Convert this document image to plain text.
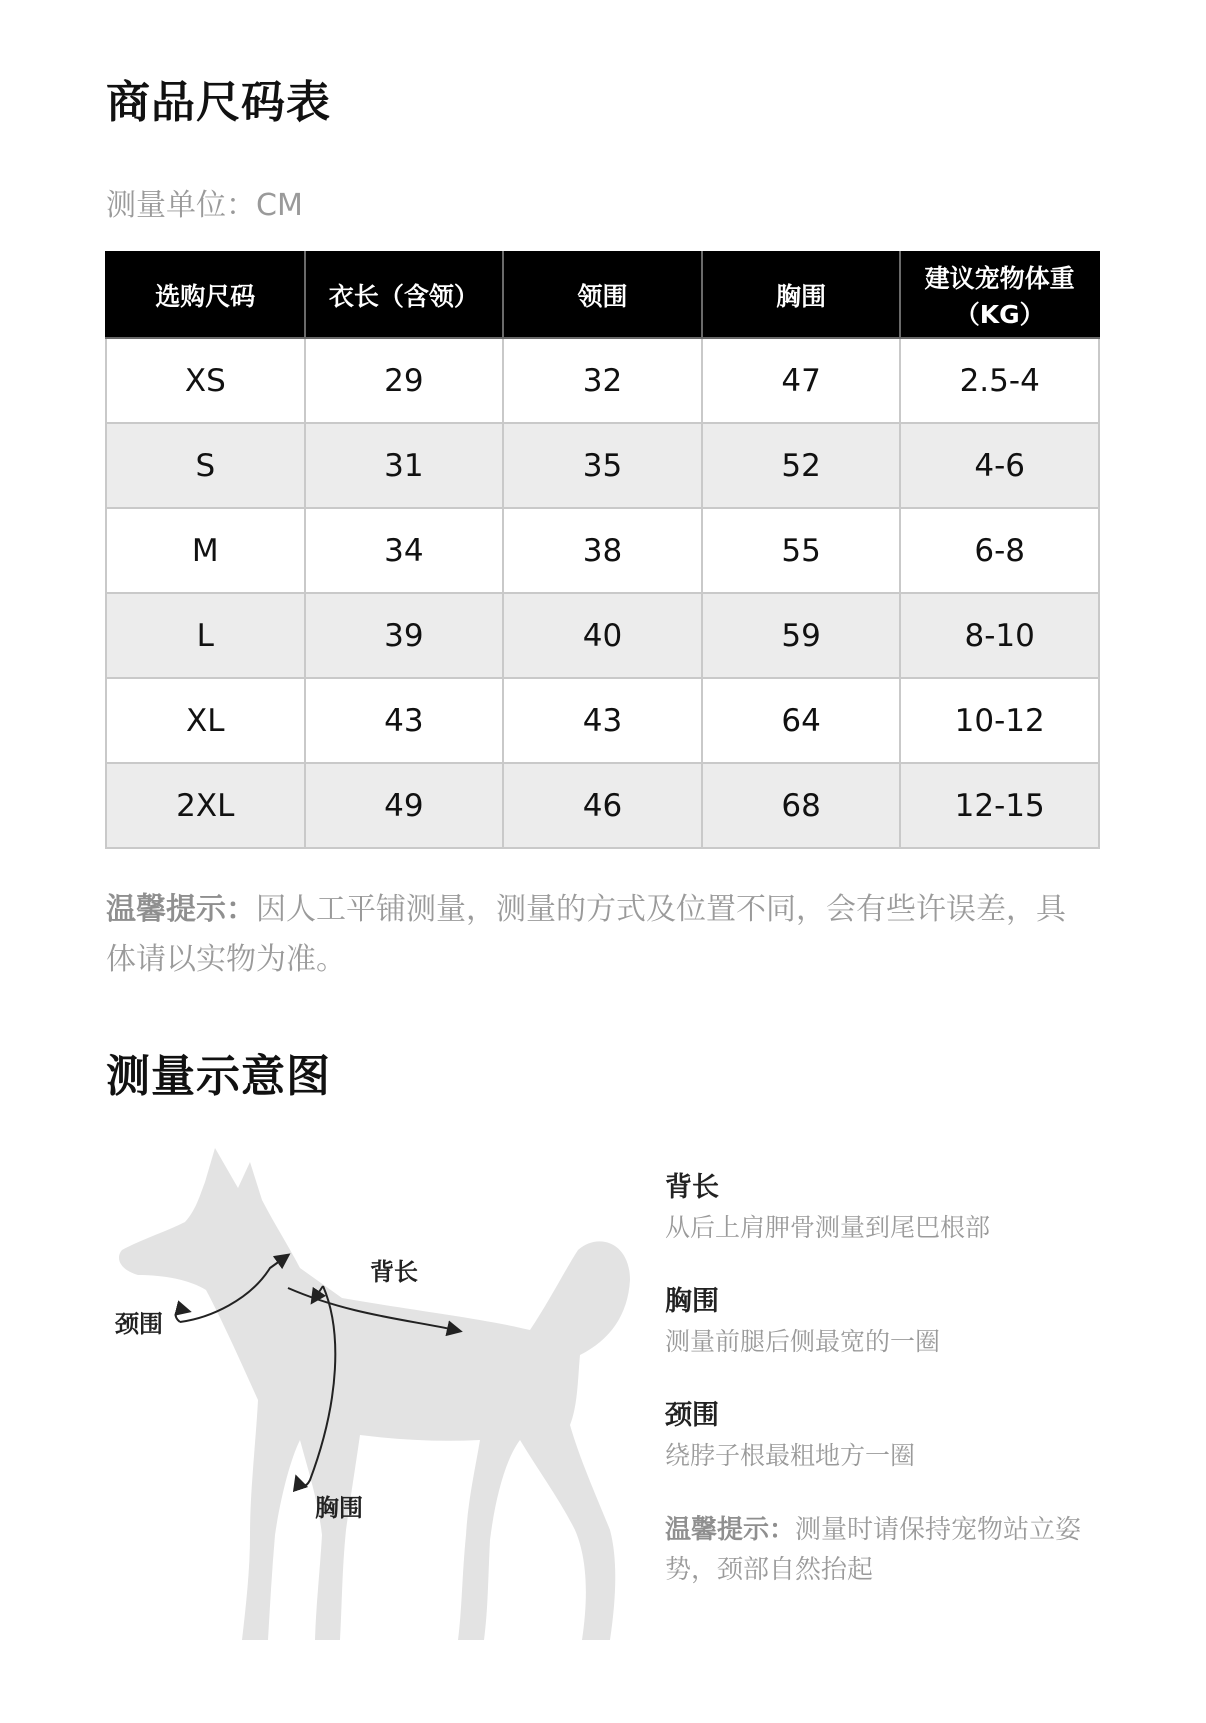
商品尺码表
测量单位：CM
选购尺码	衣长（含领）	领围	胸围	建议宠物体重（KG）
XS	29	32	47	2.5-4
S	31	35	52	4-6
M	34	38	55	6-8
L	39	40	59	8-10
XL	43	43	64	10-12
2XL	49	46	68	12-15
温馨提示：因人工平铺测量，测量的方式及位置不同，会有些许误差，具体请以实物为准。
测量示意图
背长
颈围
胸围
背长
从后上肩胛骨测量到尾巴根部
胸围
测量前腿后侧最宽的一圈
颈围
绕脖子根最粗地方一圈
温馨提示：测量时请保持宠物站立姿势，颈部自然抬起
